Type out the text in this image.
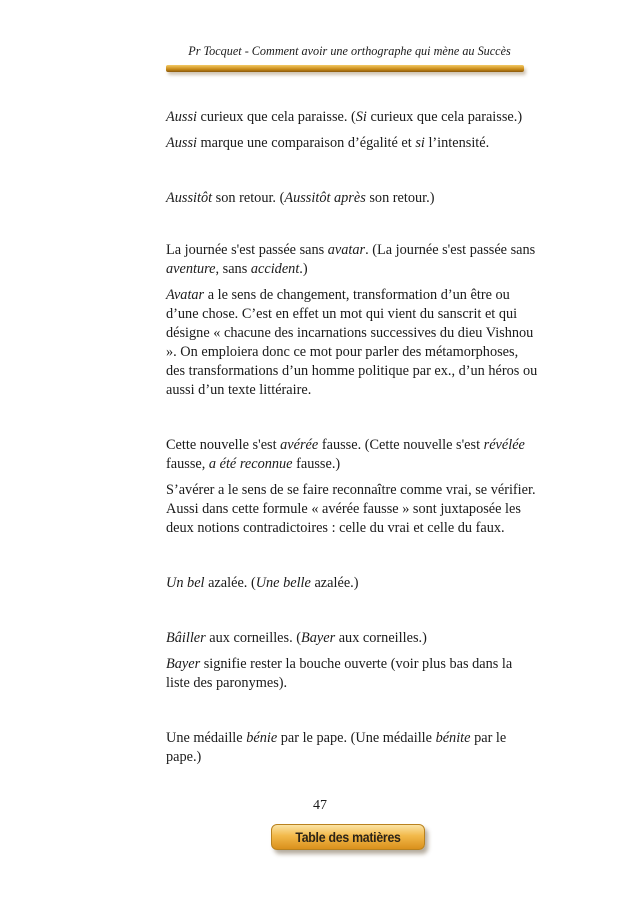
Pr Tocquet - Comment avoir une orthographe qui mène au Succès

Aussi curieux que cela paraisse. (Si curieux que cela paraisse.)

Aussi marque une comparaison d’égalité et si l’intensité.

Aussitôt son retour. (Aussitôt après son retour.)

La journée s'est passée sans avatar. (La journée s'est passée sans aventure, sans accident.)

Avatar a le sens de changement, transformation d’un être ou d’une chose. C’est en effet un mot qui vient du sanscrit et qui désigne « chacune des incarnations successives du dieu Vishnou ». On emploiera donc ce mot pour parler des métamorphoses, des transformations d’un homme politique par ex., d’un héros ou aussi d’un texte littéraire.

Cette nouvelle s'est avérée fausse. (Cette nouvelle s'est révélée fausse, a été reconnue fausse.)

S’avérer a le sens de se faire reconnaître comme vrai, se vérifier. Aussi dans cette formule « avérée fausse » sont juxtaposée les deux notions contradictoires : celle du vrai et celle du faux.

Un bel azalée. (Une belle azalée.)

Bâiller aux corneilles. (Bayer aux corneilles.)

Bayer signifie rester la bouche ouverte (voir plus bas dans la liste des paronymes).

Une médaille bénie par le pape. (Une médaille bénite par le pape.)

47
Table des matières
